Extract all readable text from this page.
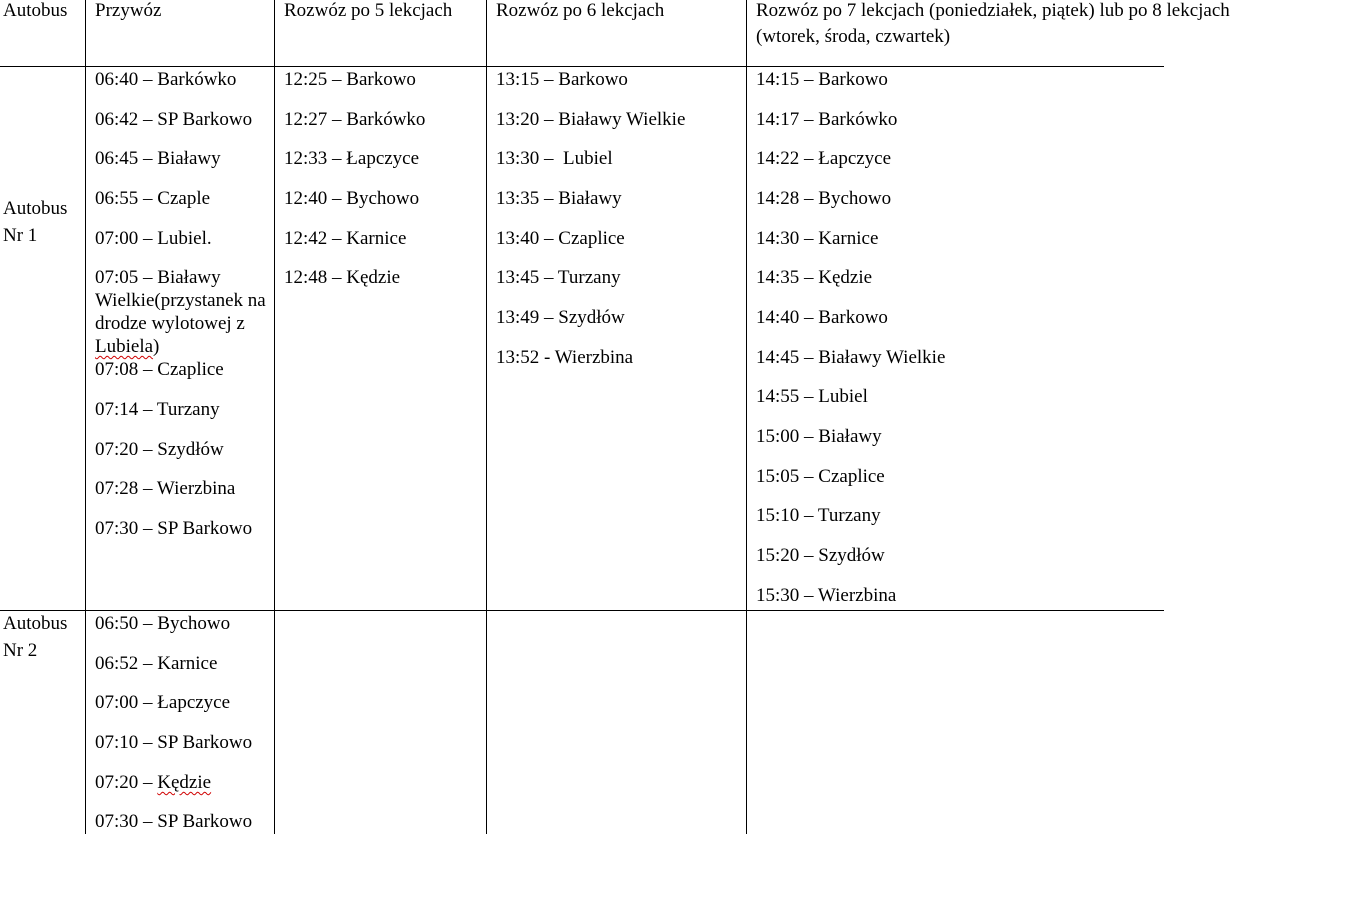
Autobus Przywóz	Rozwóz po 5 lekcjach Rozwóz po 6 lekcjach	Rozwóz po 7 lekcjach (poniedziałek, piątek) lub po 8 lekcjach
(wtorek, środa, czwartek)
Autobus
Nr 1
06:40 – Barkówko
06:42 – SP Barkowo
06:45 – Białawy
06:55 – Czaple
07:00 – Lubiel.
07:05 – Białawy Wielkie(przystanek na drodze wylotowej z Lubiela)
07:08 – Czaplice
07:14 – Turzany
07:20 – Szydłów
07:28 – Wierzbina
07:30 – SP Barkowo
12:25 – Barkowo
12:27 – Barkówko
12:33 – Łapczyce
12:40 – Bychowo
12:42 – Karnice
12:48 – Kędzie
13:15 – Barkowo
13:20 – Białawy Wielkie
13:30 –  Lubiel
13:35 – Białawy
13:40 – Czaplice
13:45 – Turzany
13:49 – Szydłów
13:52 - Wierzbina
14:15 – Barkowo
14:17 – Barkówko
14:22 – Łapczyce
14:28 – Bychowo
14:30 – Karnice
14:35 – Kędzie
14:40 – Barkowo
14:45 – Białawy Wielkie
14:55 – Lubiel
15:00 – Białawy
15:05 – Czaplice
15:10 – Turzany
15:20 – Szydłów
15:30 – Wierzbina
Autobus
Nr 2
06:50 – Bychowo
06:52 – Karnice
07:00 – Łapczyce
07:10 – SP Barkowo
07:20 – Kędzie
07:30 – SP Barkowo
